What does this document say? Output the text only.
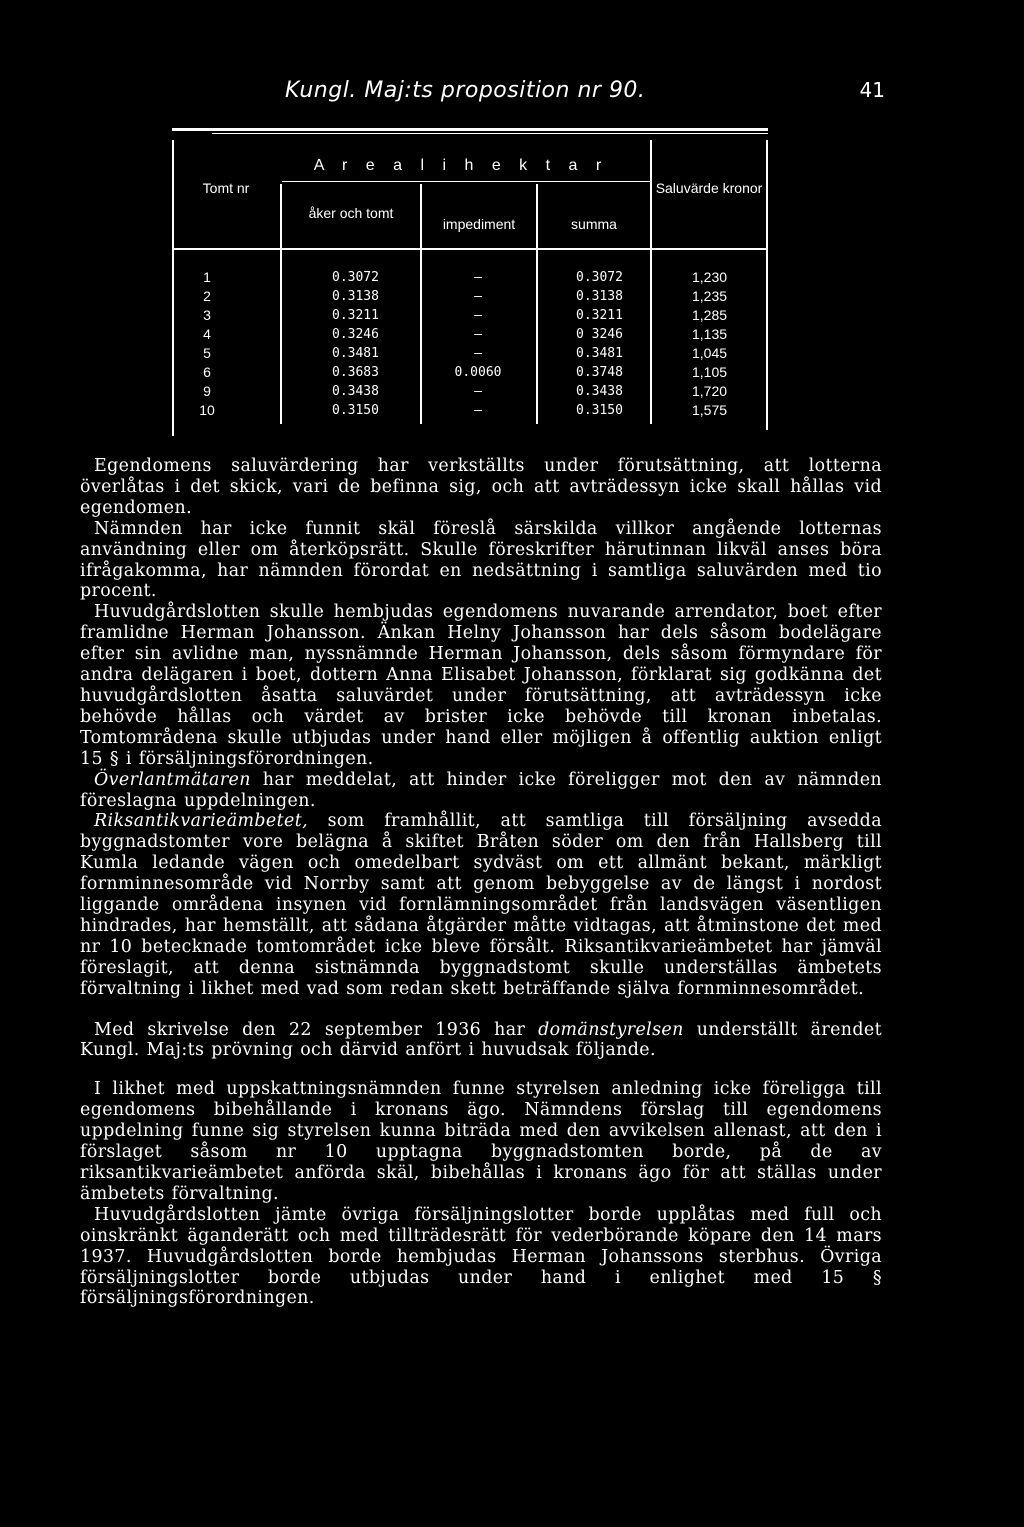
Kungl. Maj:ts proposition nr 90.	41
Tomt nr
A r e a l i h e k t a r
åker och tomt
impediment	summa
Saluvärde kronor
1	0.3072	—	0.3072	1,230
2	0.3138	—	0.3138	1,235
3	0.3211	—	0.3211	1,285
4	0.3246	—	0 3246	1,135
5	0.3481	—	0.3481	1,045
6	0.3683	0.0060	0.3748	1,105
9	0.3438	—	0.3438	1,720
10	0.3150	—	0.3150	1,575

Egendomens saluvärdering har verkställts under förutsättning, att lotterna överlåtas i det skick, vari de befinna sig, och att avträdessyn icke skall hållas vid egendomen.

Nämnden har icke funnit skäl föreslå särskilda villkor angående lotternas användning eller om återköpsrätt. Skulle föreskrifter härutinnan likväl anses böra ifrågakomma, har nämnden förordat en nedsättning i samtliga saluvärden med tio procent.

Huvudgårdslotten skulle hembjudas egendomens nuvarande arrendator, boet efter framlidne Herman Johansson. Änkan Helny Johansson har dels såsom bodelägare efter sin avlidne man, nyssnämnde Herman Johansson, dels såsom förmyndare för andra delägaren i boet, dottern Anna Elisabet Johansson, förklarat sig godkänna det huvudgårdslotten åsatta saluvärdet under förutsättning, att avträdessyn icke behövde hållas och värdet av brister icke behövde till kronan inbetalas. Tomtområdena skulle utbjudas under hand eller möjligen å offentlig auktion enligt 15 § i försäljningsförordningen.

Överlantmätaren har meddelat, att hinder icke föreligger mot den av nämnden föreslagna uppdelningen.

Riksantikvarieämbetet, som framhållit, att samtliga till försäljning avsedda byggnadstomter vore belägna å skiftet Bråten söder om den från Hallsberg till Kumla ledande vägen och omedelbart sydväst om ett allmänt bekant, märkligt fornminnesområde vid Norrby samt att genom bebyggelse av de längst i nordost liggande områdena insynen vid fornlämningsområdet från landsvägen väsentligen hindrades, har hemställt, att sådana åtgärder måtte vidtagas, att åtminstone det med nr 10 betecknade tomtområdet icke bleve försålt. Riksantikvarieämbetet har jämväl föreslagit, att denna sistnämnda byggnadstomt skulle underställas ämbetets förvaltning i likhet med vad som redan skett beträffande själva fornminnesområdet.

Med skrivelse den 22 september 1936 har domänstyrelsen underställt ärendet Kungl. Maj:ts prövning och därvid anfört i huvudsak följande.

I likhet med uppskattningsnämnden funne styrelsen anledning icke föreligga till egendomens bibehållande i kronans ägo. Nämndens förslag till egendomens uppdelning funne sig styrelsen kunna biträda med den avvikelsen allenast, att den i förslaget såsom nr 10 upptagna byggnadstomten borde, på de av riksantikvarieämbetet anförda skäl, bibehållas i kronans ägo för att ställas under ämbetets förvaltning.

Huvudgårdslotten jämte övriga försäljningslotter borde upplåtas med full och oinskränkt äganderätt och med tillträdesrätt för vederbörande köpare den 14 mars 1937. Huvudgårdslotten borde hembjudas Herman Johanssons sterbhus. Övriga försäljningslotter borde utbjudas under hand i enlighet med 15 § försäljningsförordningen.
